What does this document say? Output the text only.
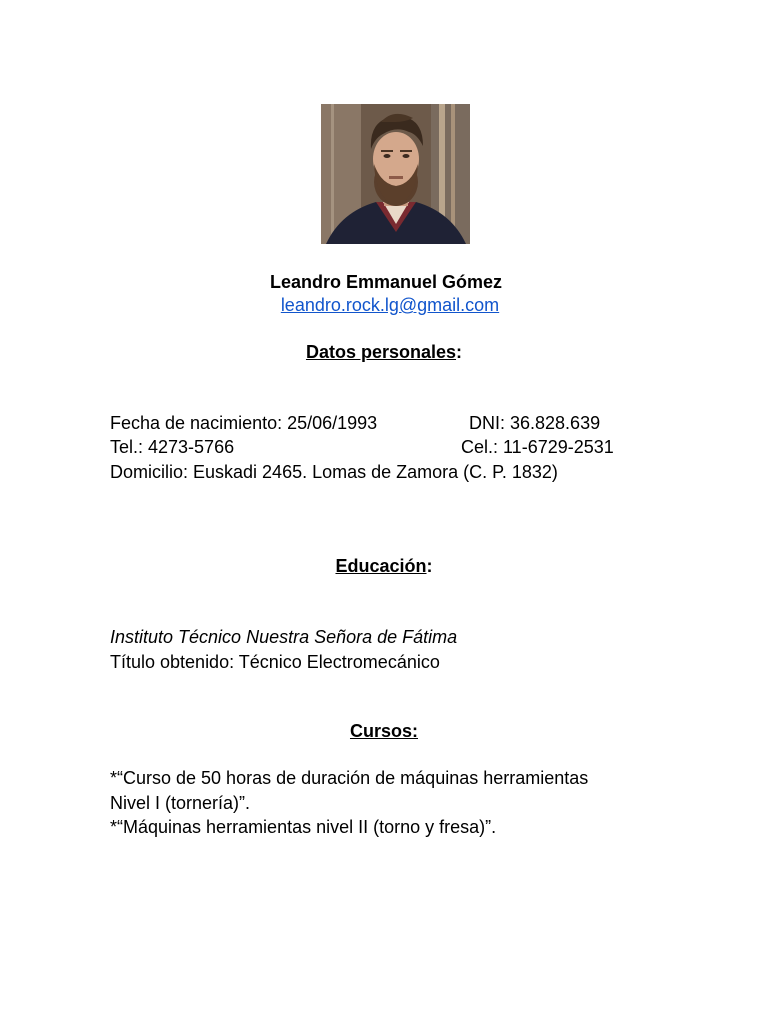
Leandro Emmanuel Gómez
leandro.rock.lg@gmail.com
Datos personales:
Fecha de nacimiento: 25/06/1993	DNI: 36.828.639
Tel.: 4273-5766	Cel.: 11-6729-2531
Domicilio: Euskadi 2465. Lomas de Zamora (C. P. 1832)
Educación:
Instituto Técnico Nuestra Señora de Fátima
Título obtenido: Técnico Electromecánico
Cursos:
*“Curso de 50 horas de duración de máquinas herramientas
Nivel I (tornería)”.
*“Máquinas herramientas nivel II (torno y fresa)”.
